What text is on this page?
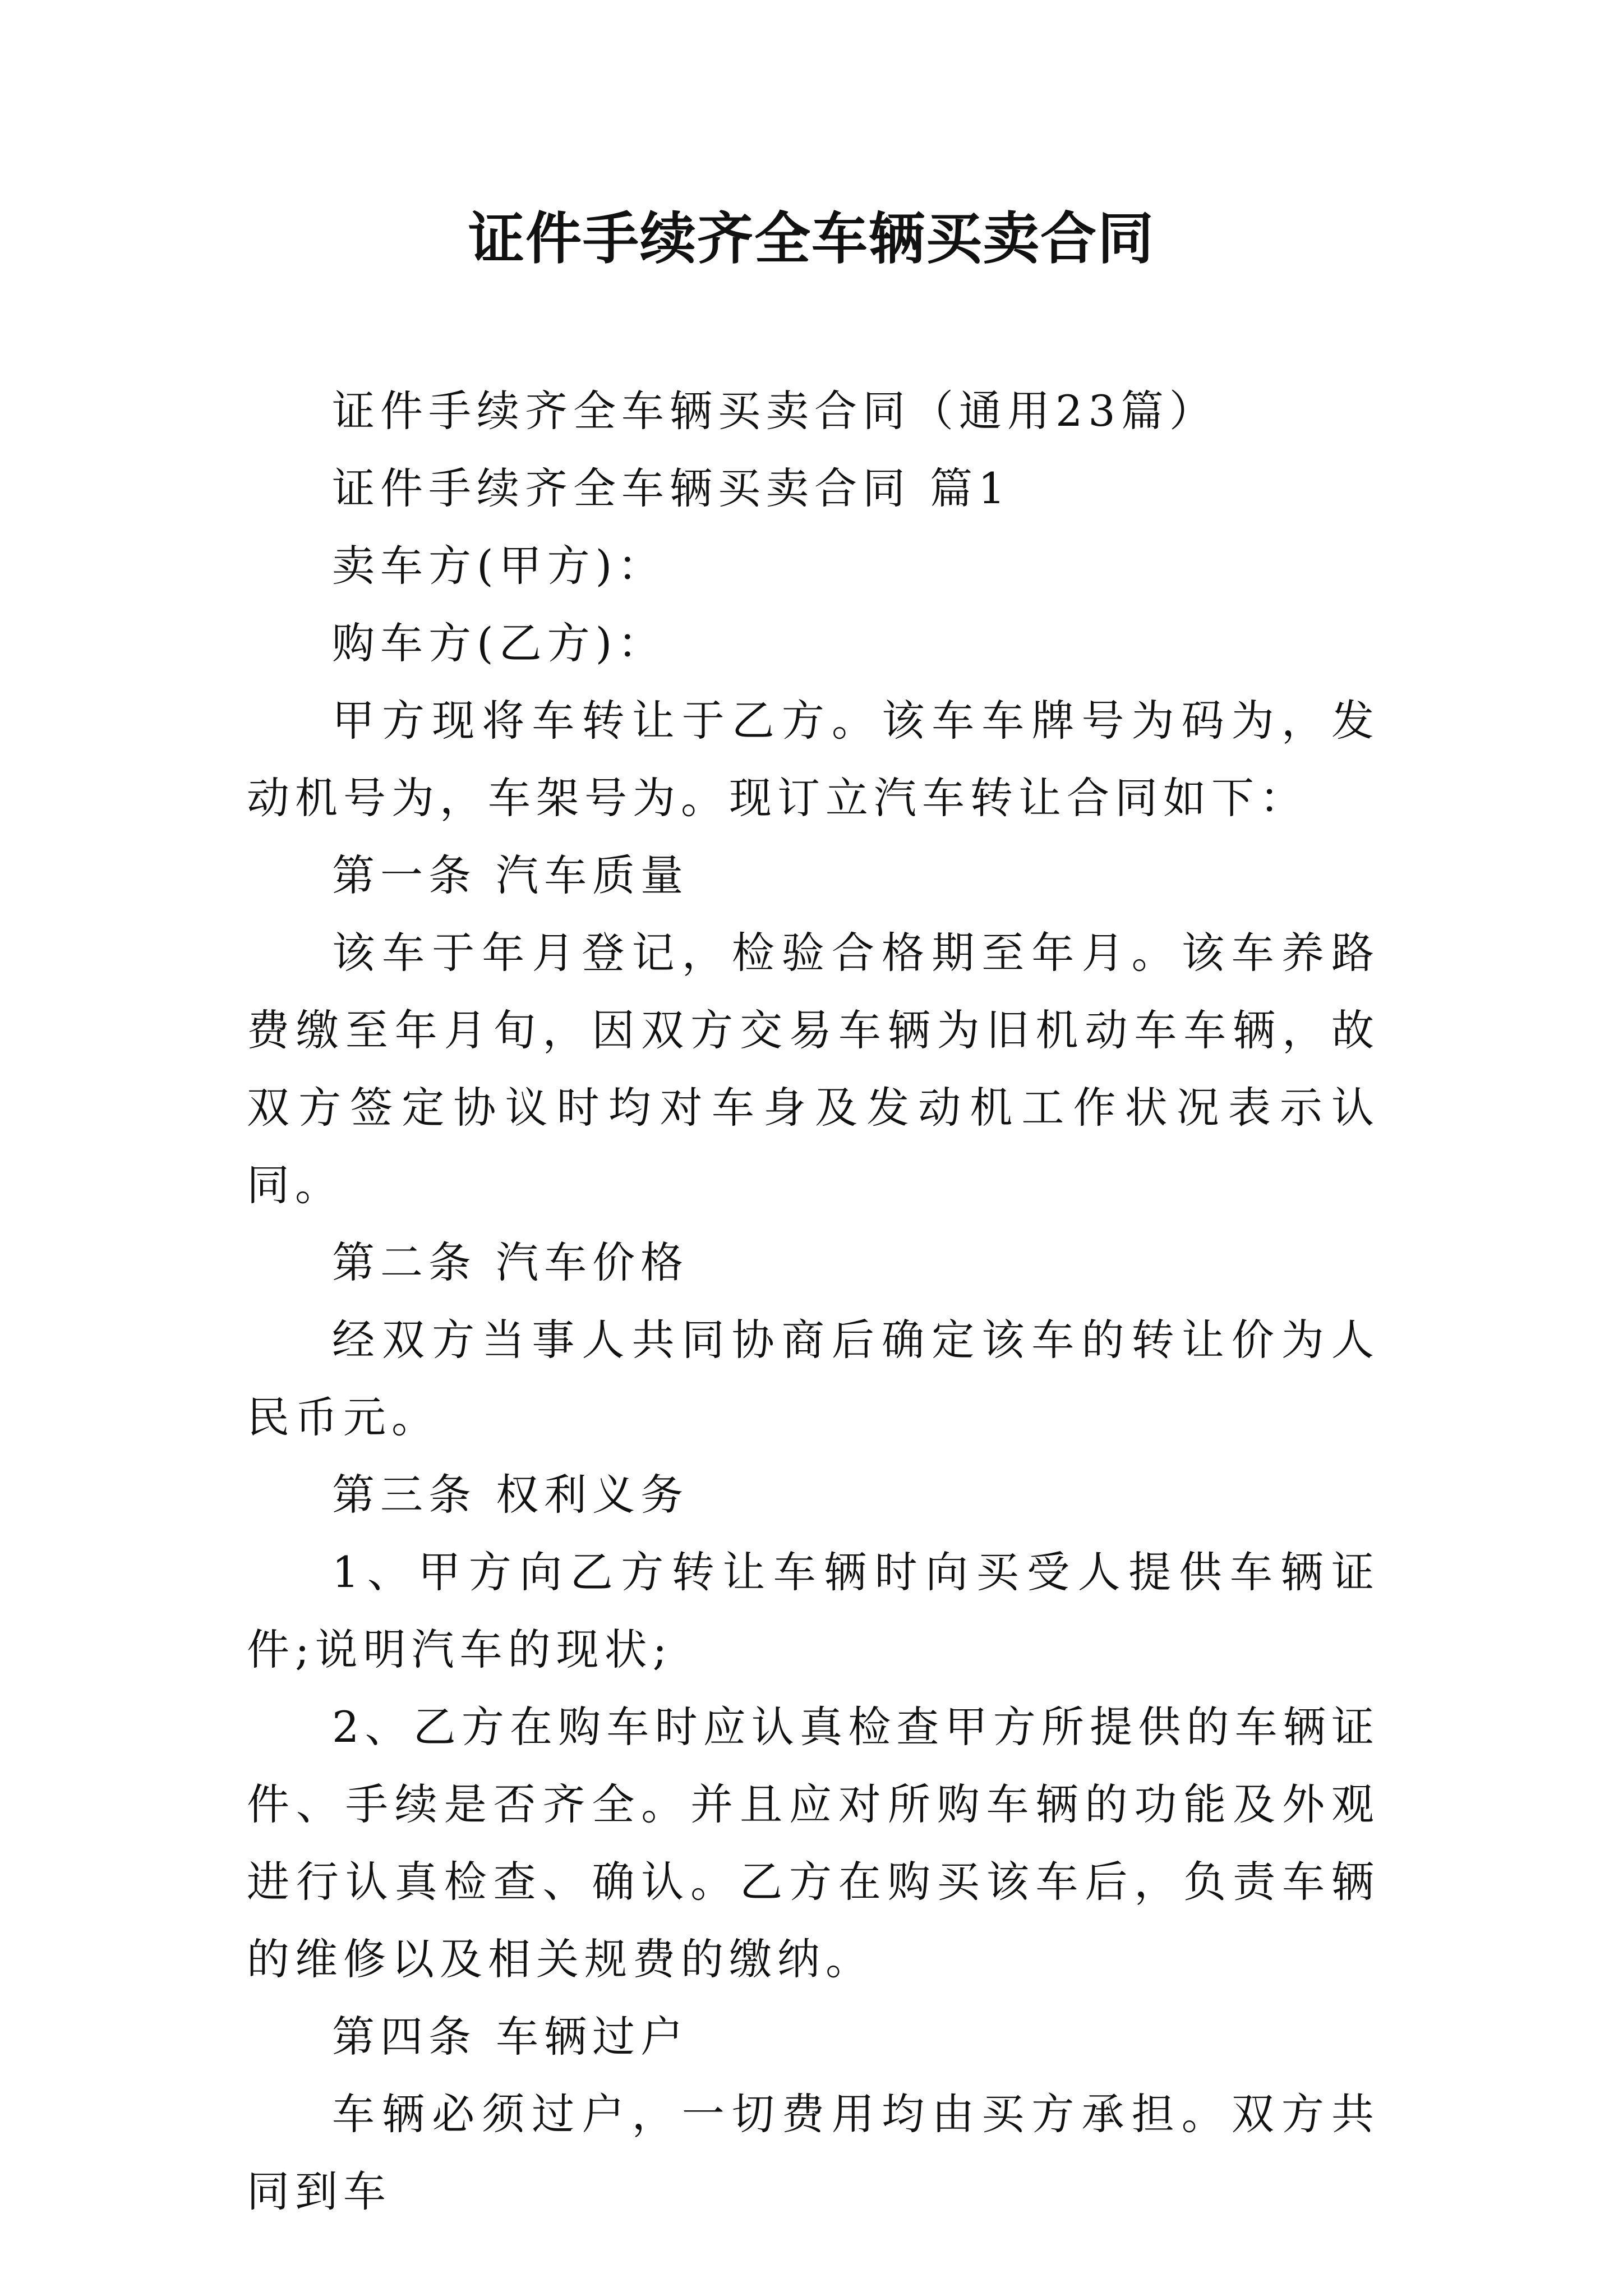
证件手续齐全车辆买卖合同

证件手续齐全车辆买卖合同（通用23篇）

证件手续齐全车辆买卖合同 篇1

卖车方(甲方)：

购车方(乙方)：

甲方现将车转让于乙方。该车车牌号为码为，发动机号为，车架号为。现订立汽车转让合同如下：

第一条 汽车质量

该车于年月登记，检验合格期至年月。该车养路费缴至年月旬，因双方交易车辆为旧机动车车辆，故双方签定协议时均对车身及发动机工作状况表示认同。

第二条 汽车价格

经双方当事人共同协商后确定该车的转让价为人民币元。

第三条 权利义务

1、甲方向乙方转让车辆时向买受人提供车辆证件;说明汽车的现状;

2、乙方在购车时应认真检查甲方所提供的车辆证件、手续是否齐全。并且应对所购车辆的功能及外观进行认真检查、确认。乙方在购买该车后，负责车辆的维修以及相关规费的缴纳。

第四条 车辆过户

车辆必须过户，一切费用均由买方承担。双方共同到车
